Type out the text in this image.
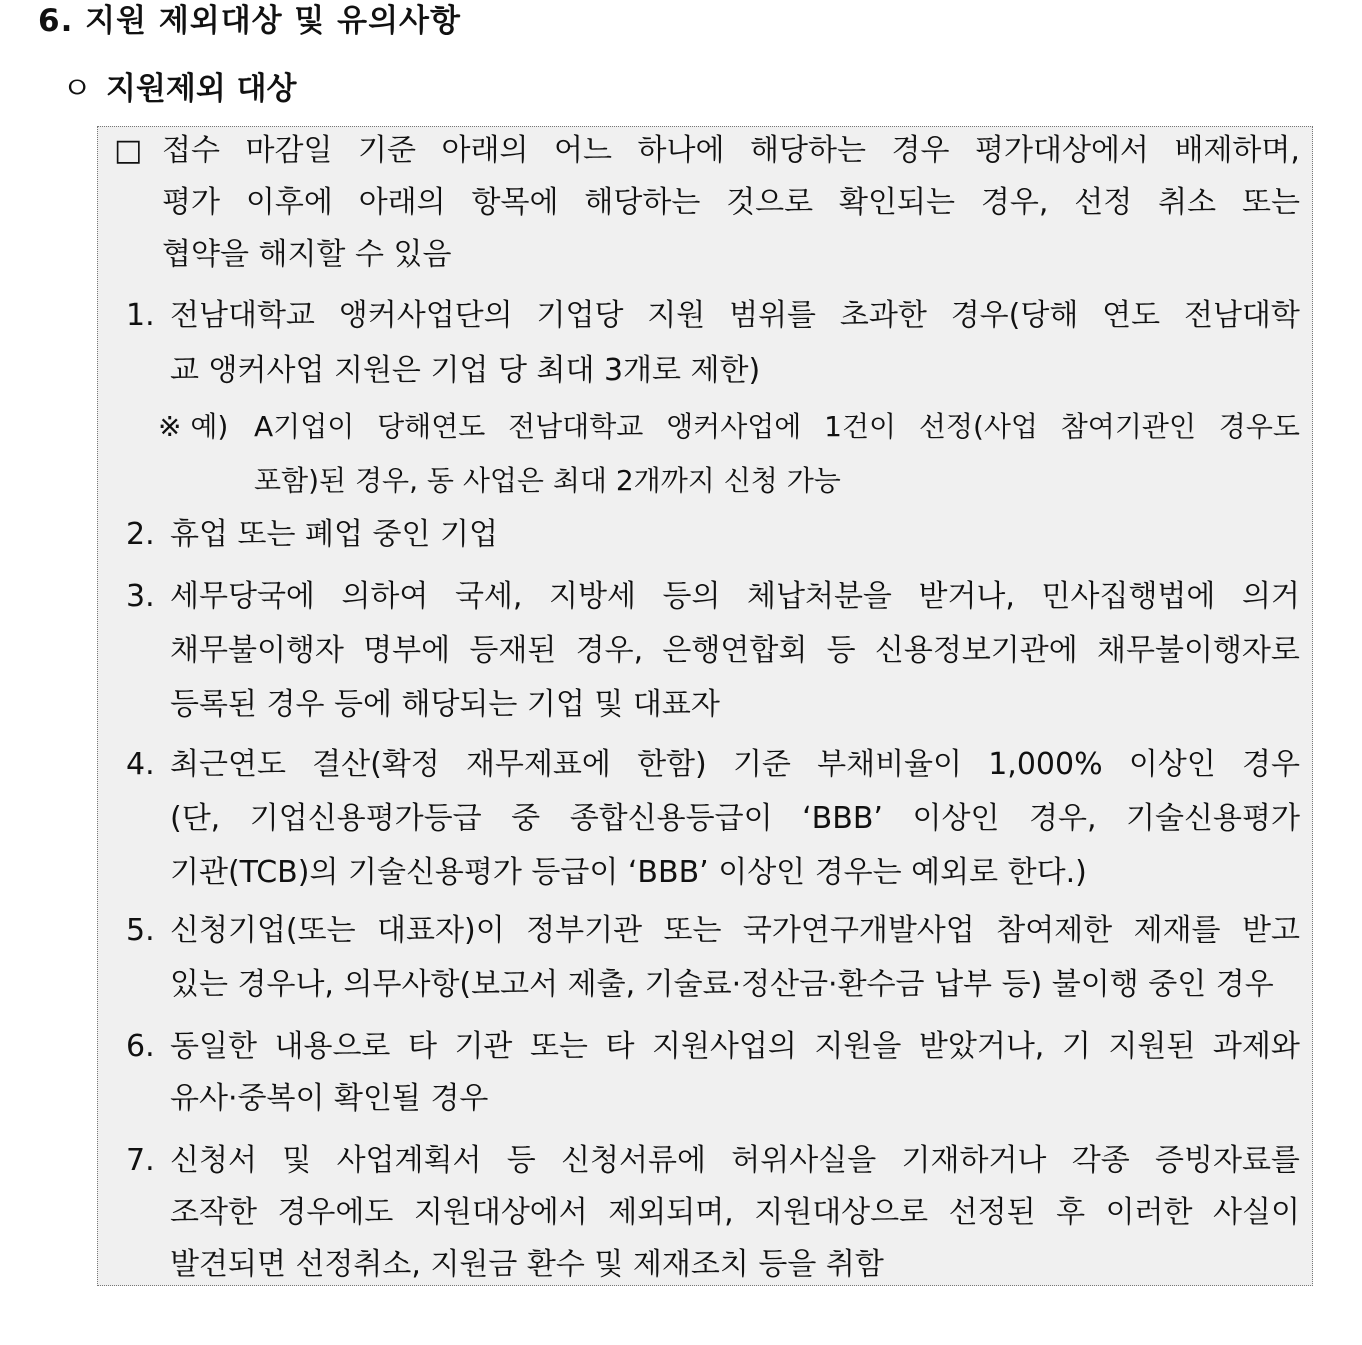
6. 지원 제외대상 및 유의사항
ㅇ 지원제외 대상
□ 접수 마감일 기준 아래의 어느 하나에 해당하는 경우 평가대상에서 배제하며,
평가 이후에 아래의 항목에 해당하는 것으로 확인되는 경우, 선정 취소 또는
협약을 해지할 수 있음
1. 전남대학교 앵커사업단의 기업당 지원 범위를 초과한 경우(당해 연도 전남대학
교 앵커사업 지원은 기업 당 최대 3개로 제한)
※ 예) A기업이 당해연도 전남대학교 앵커사업에 1건이 선정(사업 참여기관인 경우도
포함)된 경우, 동 사업은 최대 2개까지 신청 가능
2. 휴업 또는 폐업 중인 기업
3. 세무당국에 의하여 국세, 지방세 등의 체납처분을 받거나, 민사집행법에 의거
채무불이행자 명부에 등재된 경우, 은행연합회 등 신용정보기관에 채무불이행자로
등록된 경우 등에 해당되는 기업 및 대표자
4. 최근연도 결산(확정 재무제표에 한함) 기준 부채비율이 1,000% 이상인 경우
(단, 기업신용평가등급 중 종합신용등급이 ‘BBB’ 이상인 경우, 기술신용평가
기관(TCB)의 기술신용평가 등급이 ‘BBB’ 이상인 경우는 예외로 한다.)
5. 신청기업(또는 대표자)이 정부기관 또는 국가연구개발사업 참여제한 제재를 받고
있는 경우나, 의무사항(보고서 제출, 기술료·정산금·환수금 납부 등) 불이행 중인 경우
6. 동일한 내용으로 타 기관 또는 타 지원사업의 지원을 받았거나, 기 지원된 과제와
유사·중복이 확인될 경우
7. 신청서 및 사업계획서 등 신청서류에 허위사실을 기재하거나 각종 증빙자료를
조작한 경우에도 지원대상에서 제외되며, 지원대상으로 선정된 후 이러한 사실이
발견되면 선정취소, 지원금 환수 및 제재조치 등을 취함
